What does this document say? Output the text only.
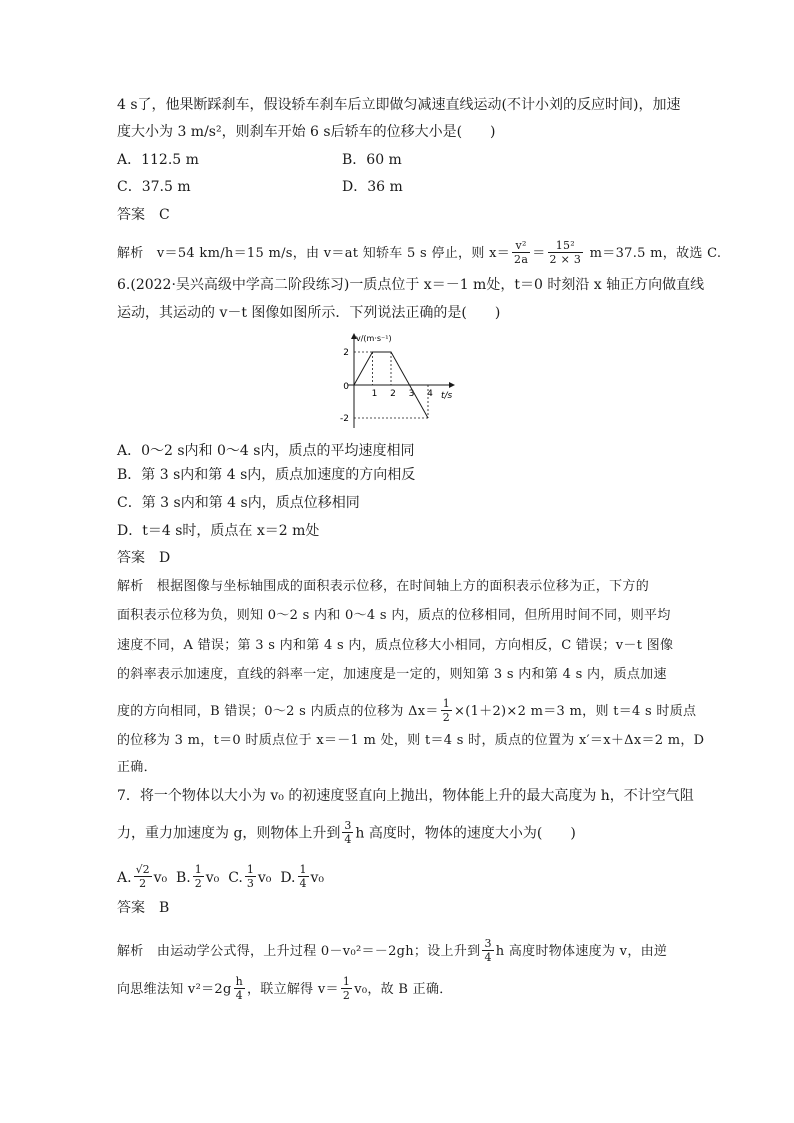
4 s了，他果断踩刹车，假设轿车刹车后立即做匀减速直线运动(不计小刘的反应时间)，加速
度大小为 3 m/s²，则刹车开始 6 s后轿车的位移大小是(　　)
A．112.5 m	B．60 m
C．37.5 m	D．36 m
答案　C
解析　v＝54 km/h＝15 m/s，由 v＝at 知轿车 5 s 停止，则 $x= \frac{\text{v²}}{2a} = \frac{\text{15²}}{2 \times 3} m=37.5$ m，故选 C.
6.(2022·吴兴高级中学高二阶段练习)一质点位于 x＝－1 m处，t＝0 时刻沿 x 轴正方向做直线
运动，其运动的 v－t 图像如图所示．下列说法正确的是(　　)
v/(m·s⁻¹)
t/s
1 2 3 4
2
0
-2
A．0～2 s内和 0～4 s内，质点的平均速度相同
B．第 3 s内和第 4 s内，质点加速度的方向相反
C．第 3 s内和第 4 s内，质点位移相同
D．t＝4 s时，质点在 x＝2 m处
答案　D
解析　根据图像与坐标轴围成的面积表示位移，在时间轴上方的面积表示位移为正，下方的
面积表示位移为负，则知 0～2 s 内和 0～4 s 内，质点的位移相同，但所用时间不同，则平均
速度不同，A 错误；第 3 s 内和第 4 s 内，质点位移大小相同，方向相反，C 错误；v－t 图像
的斜率表示加速度，直线的斜率一定，加速度是一定的，则知第 3 s 内和第 4 s 内，质点加速
度的方向相同，B 错误；0～2 s 内质点的位移为 $\Delta x= \frac{1}{2} \times(1+2)\times 2$ m＝3 m，则 t＝4 s 时质点
的位移为 3 m，t＝0 时质点位于 x＝－1 m 处，则 t＝4 s 时，质点的位置为 x′＝x＋Δx＝2 m，D
正确．
7．将一个物体以大小为 v₀ 的初速度竖直向上抛出，物体能上升的最大高度为 h，不计空气阻
力，重力加速度为 g，则物体上升到 $\frac{3}{4}$ h 高度时，物体的速度大小为(　　)
A. $\frac{√2}{2} v_0$ B. $\frac{1}{2} v_0$ C. $\frac{1}{3} v_0$ D. $\frac{1}{4} v_0$
答案　B
解析　由运动学公式得，上升过程 0－v₀²＝－2gh；设上升到 $\frac{3}{4}$ h 高度时物体速度为 v，由逆
向思维法知 $v^2=2g \frac{h}{4}$ ，联立解得 $v= \frac{1}{2} v_0$，故 B 正确．
